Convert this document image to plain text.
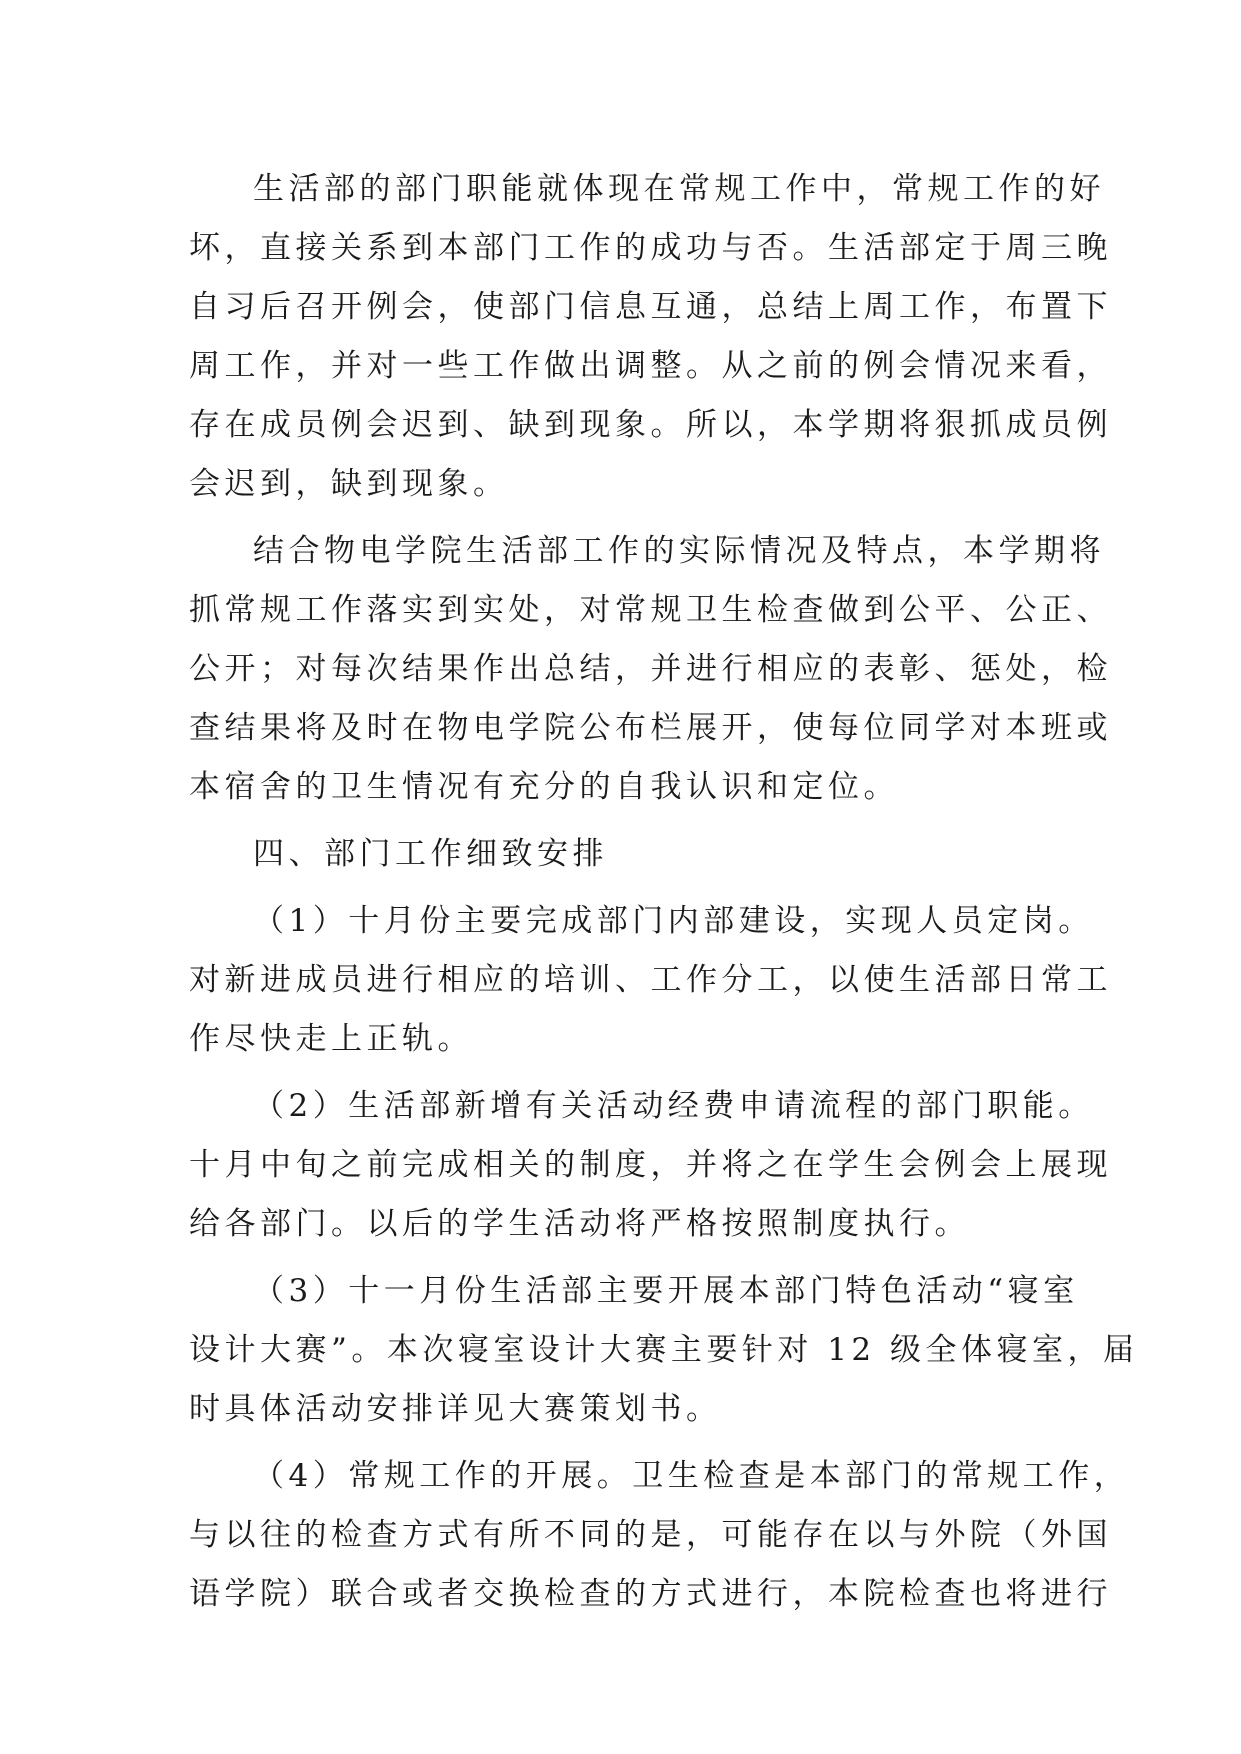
生活部的部门职能就体现在常规工作中，常规工作的好
坏，直接关系到本部门工作的成功与否。生活部定于周三晚
自习后召开例会，使部门信息互通，总结上周工作，布置下
周工作，并对一些工作做出调整。从之前的例会情况来看，
存在成员例会迟到、缺到现象。所以，本学期将狠抓成员例
会迟到，缺到现象。
结合物电学院生活部工作的实际情况及特点，本学期将
抓常规工作落实到实处，对常规卫生检查做到公平、公正、
公开；对每次结果作出总结，并进行相应的表彰、惩处，检
查结果将及时在物电学院公布栏展开，使每位同学对本班或
本宿舍的卫生情况有充分的自我认识和定位。
四、部门工作细致安排
（1）十月份主要完成部门内部建设，实现人员定岗。
对新进成员进行相应的培训、工作分工，以使生活部日常工
作尽快走上正轨。
（2）生活部新增有关活动经费申请流程的部门职能。
十月中旬之前完成相关的制度，并将之在学生会例会上展现
给各部门。以后的学生活动将严格按照制度执行。
（3）十一月份生活部主要开展本部门特色活动“寝室
设计大赛”。本次寝室设计大赛主要针对 12 级全体寝室，届
时具体活动安排详见大赛策划书。
（4）常规工作的开展。卫生检查是本部门的常规工作，
与以往的检查方式有所不同的是，可能存在以与外院（外国
语学院）联合或者交换检查的方式进行，本院检查也将进行
